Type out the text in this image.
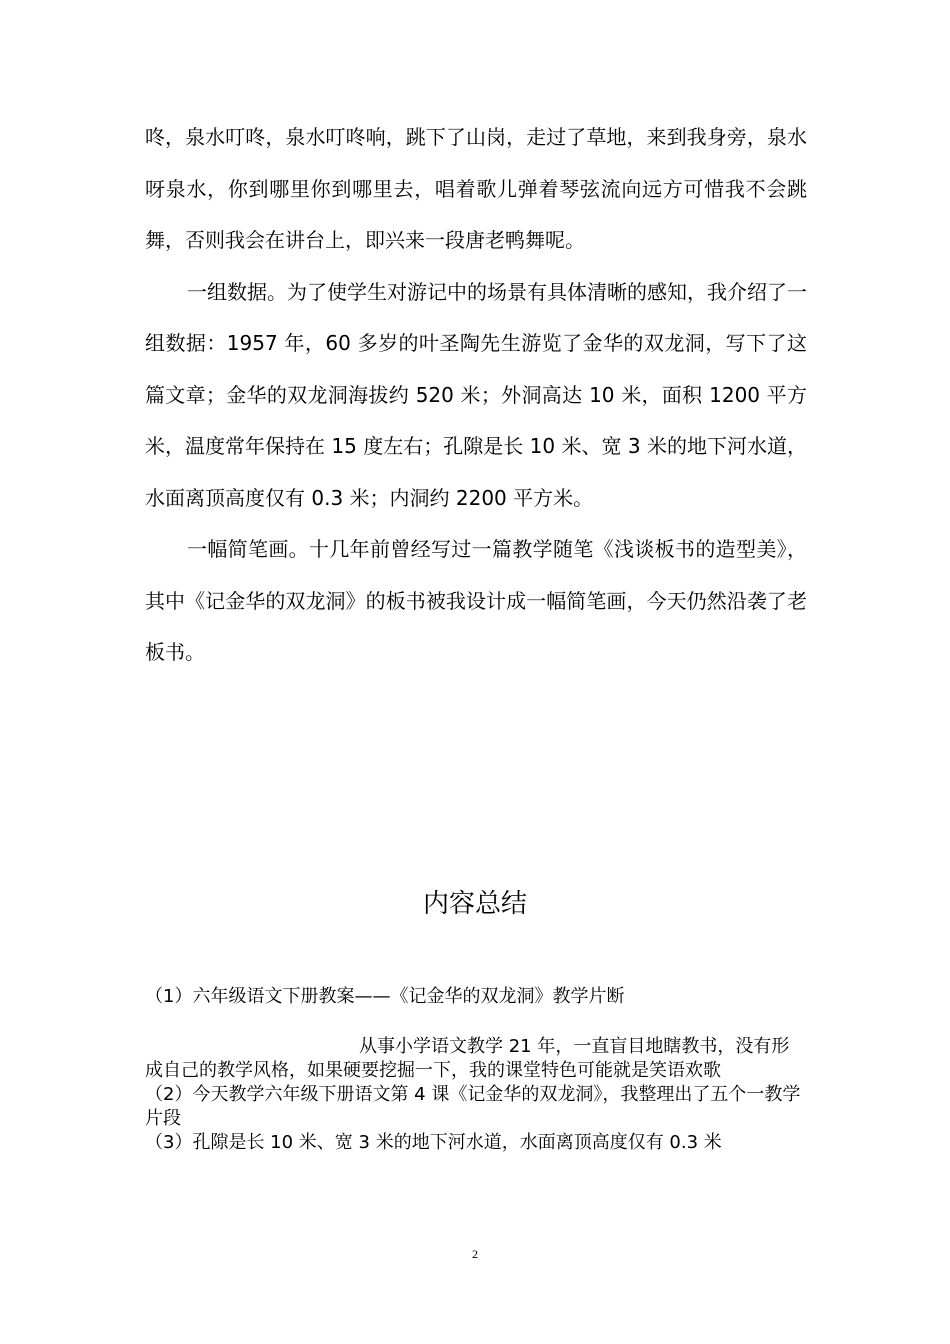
咚，泉水叮咚，泉水叮咚响，跳下了山岗，走过了草地，来到我身旁，泉水呀泉水，你到哪里你到哪里去，唱着歌儿弹着琴弦流向远方可惜我不会跳舞，否则我会在讲台上，即兴来一段唐老鸭舞呢。

一组数据。为了使学生对游记中的场景有具体清晰的感知，我介绍了一组数据：1957 年，60 多岁的叶圣陶先生游览了金华的双龙洞，写下了这篇文章；金华的双龙洞海拔约 520 米；外洞高达 10 米，面积 1200 平方米，温度常年保持在 15 度左右；孔隙是长 10 米、宽 3 米的地下河水道，水面离顶高度仅有 0.3 米；内洞约 2200 平方米。

一幅简笔画。十几年前曾经写过一篇教学随笔《浅谈板书的造型美》，其中《记金华的双龙洞》的板书被我设计成一幅简笔画，今天仍然沿袭了老板书。

内容总结

（1）六年级语文下册教案——《记金华的双龙洞》教学片断

从事小学语文教学 21 年，一直盲目地瞎教书，没有形成自己的教学风格，如果硬要挖掘一下，我的课堂特色可能就是笑语欢歌

（2）今天教学六年级下册语文第 4 课《记金华的双龙洞》，我整理出了五个一教学片段

（3）孔隙是长 10 米、宽 3 米的地下河水道，水面离顶高度仅有 0.3 米

2
